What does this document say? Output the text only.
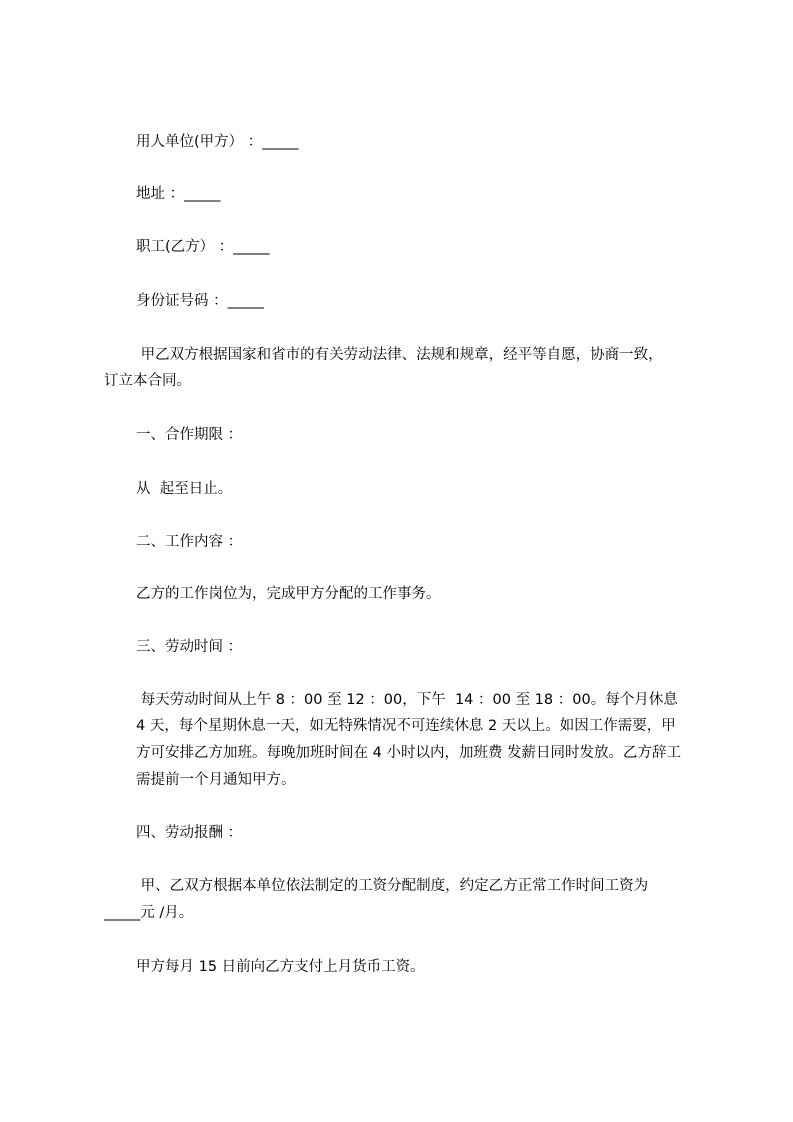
用人单位(甲方） ：_____
地址 ：_____
职工(乙方） ：_____
身份证号码 ：_____
甲乙双方根据国家和省市的有关劳动法律、法规和规章，经平等自愿，协商一致，
订立本合同。
一、合作期限 ：
从  起至日止。
二、工作内容 ：
乙方的工作岗位为，完成甲方分配的工作事务。
三、劳动时间 ：
每天劳动时间从上午 8 ：00 至 12 ：00，下午  14 ：00 至 18 ：00。每个月休息
4 天，每个星期休息一天，如无特殊情况不可连续休息 2 天以上。如因工作需要，甲
方可安排乙方加班。每晚加班时间在 4 小时以内，加班费 发薪日同时发放。乙方辞工
需提前一个月通知甲方。
四、劳动报酬 ：
甲、乙双方根据本单位依法制定的工资分配制度，约定乙方正常工作时间工资为
_____元 /月。
甲方每月 15 日前向乙方支付上月货币工资。
